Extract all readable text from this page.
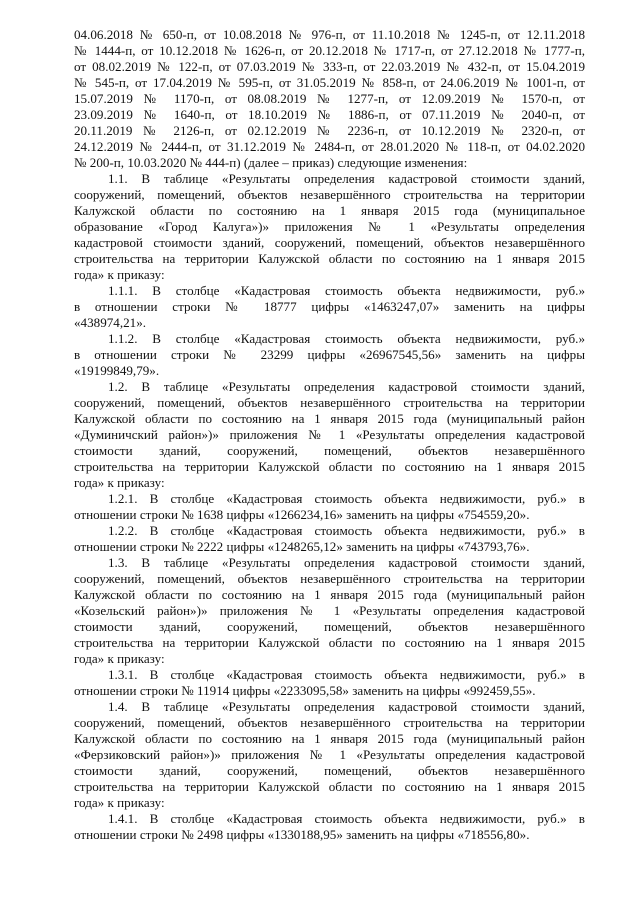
04.06.2018 № 650-п, от 10.08.2018 № 976-п, от 11.10.2018 № 1245-п, от 12.11.2018
№ 1444-п, от 10.12.2018 № 1626-п, от 20.12.2018 № 1717-п, от 27.12.2018 № 1777-п,
от 08.02.2019 № 122-п, от 07.03.2019 № 333-п, от 22.03.2019 № 432-п, от 15.04.2019
№ 545-п, от 17.04.2019 № 595-п, от 31.05.2019 № 858-п, от 24.06.2019 № 1001-п, от
15.07.2019 № 1170-п, от 08.08.2019 № 1277-п, от 12.09.2019 № 1570-п, от
23.09.2019 № 1640-п, от 18.10.2019 № 1886-п, от 07.11.2019 № 2040-п, от
20.11.2019 № 2126-п, от 02.12.2019 № 2236-п, от 10.12.2019 № 2320-п, от
24.12.2019 № 2444-п, от 31.12.2019 № 2484-п, от 28.01.2020 № 118-п, от 04.02.2020
№ 200-п, 10.03.2020 № 444-п) (далее – приказ) следующие изменения:
1.1. В таблице «Результаты определения кадастровой стоимости зданий,
сооружений, помещений, объектов незавершённого строительства на территории
Калужской области по состоянию на 1 января 2015 года (муниципальное
образование «Город Калуга»)» приложения № 1 «Результаты определения
кадастровой стоимости зданий, сооружений, помещений, объектов незавершённого
строительства на территории Калужской области по состоянию на 1 января 2015
года» к приказу:
1.1.1. В столбце «Кадастровая стоимость объекта недвижимости, руб.»
в отношении строки № 18777 цифры «1463247,07» заменить на цифры
«438974,21».
1.1.2. В столбце «Кадастровая стоимость объекта недвижимости, руб.»
в отношении строки № 23299 цифры «26967545,56» заменить на цифры
«19199849,79».
1.2. В таблице «Результаты определения кадастровой стоимости зданий,
сооружений, помещений, объектов незавершённого строительства на территории
Калужской области по состоянию на 1 января 2015 года (муниципальный район
«Думиничский район»)» приложения № 1 «Результаты определения кадастровой
стоимости зданий, сооружений, помещений, объектов незавершённого
строительства на территории Калужской области по состоянию на 1 января 2015
года» к приказу:
1.2.1. В столбце «Кадастровая стоимость объекта недвижимости, руб.» в
отношении строки № 1638 цифры «1266234,16» заменить на цифры «754559,20».
1.2.2. В столбце «Кадастровая стоимость объекта недвижимости, руб.» в
отношении строки № 2222 цифры «1248265,12» заменить на цифры «743793,76».
1.3. В таблице «Результаты определения кадастровой стоимости зданий,
сооружений, помещений, объектов незавершённого строительства на территории
Калужской области по состоянию на 1 января 2015 года (муниципальный район
«Козельский район»)» приложения № 1 «Результаты определения кадастровой
стоимости зданий, сооружений, помещений, объектов незавершённого
строительства на территории Калужской области по состоянию на 1 января 2015
года» к приказу:
1.3.1. В столбце «Кадастровая стоимость объекта недвижимости, руб.» в
отношении строки № 11914 цифры «2233095,58» заменить на цифры «992459,55».
1.4. В таблице «Результаты определения кадастровой стоимости зданий,
сооружений, помещений, объектов незавершённого строительства на территории
Калужской области по состоянию на 1 января 2015 года (муниципальный район
«Ферзиковский район»)» приложения № 1 «Результаты определения кадастровой
стоимости зданий, сооружений, помещений, объектов незавершённого
строительства на территории Калужской области по состоянию на 1 января 2015
года» к приказу:
1.4.1. В столбце «Кадастровая стоимость объекта недвижимости, руб.» в
отношении строки № 2498 цифры «1330188,95» заменить на цифры «718556,80».
